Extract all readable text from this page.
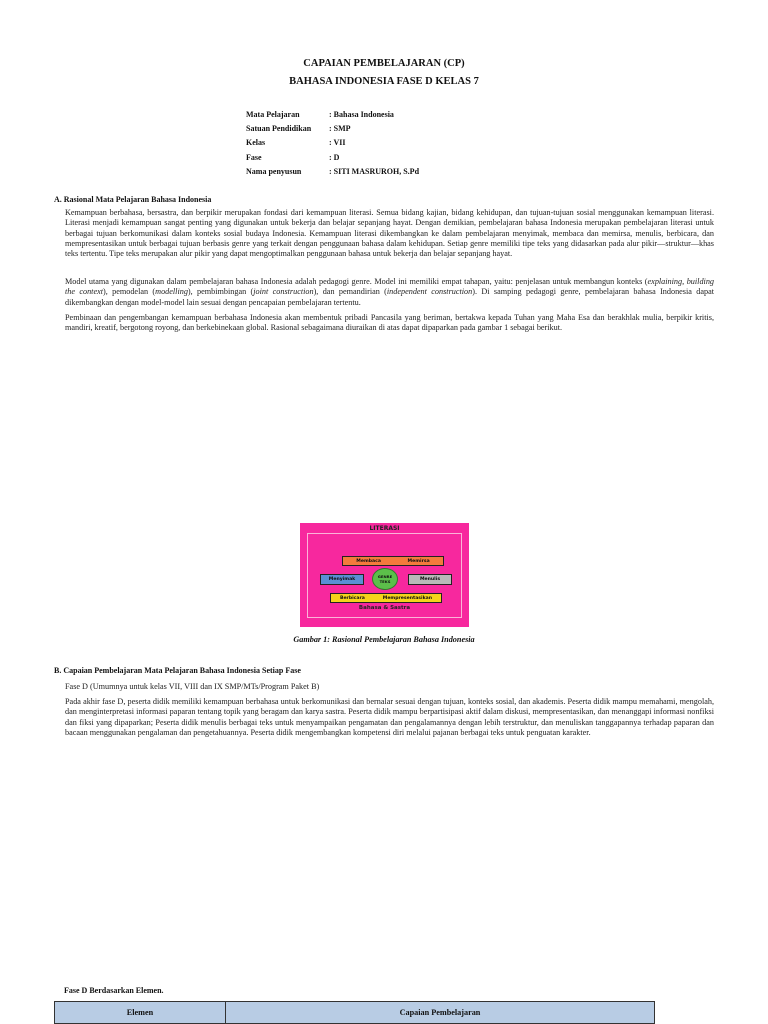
CAPAIAN PEMBELAJARAN (CP)
BAHASA INDONESIA FASE D KELAS 7
Mata Pelajaran	: Bahasa Indonesia
Satuan Pendidikan	: SMP
Kelas	: VII
Fase	: D
Nama penyusun	: SITI MASRUROH, S.Pd
A. Rasional Mata Pelajaran Bahasa Indonesia
Kemampuan berbahasa, bersastra, dan berpikir merupakan fondasi dari kemampuan literasi. Semua bidang kajian, bidang kehidupan, dan tujuan-tujuan sosial menggunakan kemampuan literasi. Literasi menjadi kemampuan sangat penting yang digunakan untuk bekerja dan belajar sepanjang hayat. Dengan demikian, pembelajaran bahasa Indonesia merupakan pembelajaran literasi untuk berbagai tujuan berkomunikasi dalam konteks sosial budaya Indonesia. Kemampuan literasi dikembangkan ke dalam pembelajaran menyimak, membaca dan memirsa, menulis, berbicara, dan mempresentasikan untuk berbagai tujuan berbasis genre yang terkait dengan penggunaan bahasa dalam kehidupan. Setiap genre memiliki tipe teks yang didasarkan pada alur pikir—struktur—khas teks tertentu. Tipe teks merupakan alur pikir yang dapat mengoptimalkan penggunaan bahasa untuk bekerja dan belajar sepanjang hayat.
Model utama yang digunakan dalam pembelajaran bahasa Indonesia adalah pedagogi genre. Model ini memiliki empat tahapan, yaitu: penjelasan untuk membangun konteks (explaining, building the context), pemodelan (modelling), pembimbingan (joint construction), dan pemandirian (independent construction). Di samping pedagogi genre, pembelajaran bahasa Indonesia dapat dikembangkan dengan model-model lain sesuai dengan pencapaian pembelajaran tertentu.
Pembinaan dan pengembangan kemampuan berbahasa Indonesia akan membentuk pribadi Pancasila yang beriman, bertakwa kepada Tuhan yang Maha Esa dan berakhlak mulia, berpikir kritis, mandiri, kreatif, bergotong royong, dan berkebinekaan global. Rasional sebagaimana diuraikan di atas dapat dipaparkan pada gambar 1 sebagai berikut.
LITERASI
Membaca	Memirsa
Menyimak	Menulis
GENRE
TEKS
Berbicara	Mempresentasikan
Bahasa & Sastra
Gambar 1: Rasional Pembelajaran Bahasa Indonesia
B. Capaian Pembelajaran Mata Pelajaran Bahasa Indonesia Setiap Fase
Fase D (Umumnya untuk kelas VII, VIII dan IX SMP/MTs/Program Paket B)
Pada akhir fase D, peserta didik memiliki kemampuan berbahasa untuk berkomunikasi dan bernalar sesuai dengan tujuan, konteks sosial, dan akademis. Peserta didik mampu memahami, mengolah, dan menginterpretasi informasi paparan tentang topik yang beragam dan karya sastra. Peserta didik mampu berpartisipasi aktif dalam diskusi, mempresentasikan, dan menanggapi informasi nonfiksi dan fiksi yang dipaparkan; Peserta didik menulis berbagai teks untuk menyampaikan pengamatan dan pengalamannya dengan lebih terstruktur, dan menuliskan tanggapannya terhadap paparan dan bacaan menggunakan pengalaman dan pengetahuannya. Peserta didik mengembangkan kompetensi diri melalui pajanan berbagai teks untuk penguatan karakter.
Fase D Berdasarkan Elemen.
Elemen	Capaian Pembelajaran
